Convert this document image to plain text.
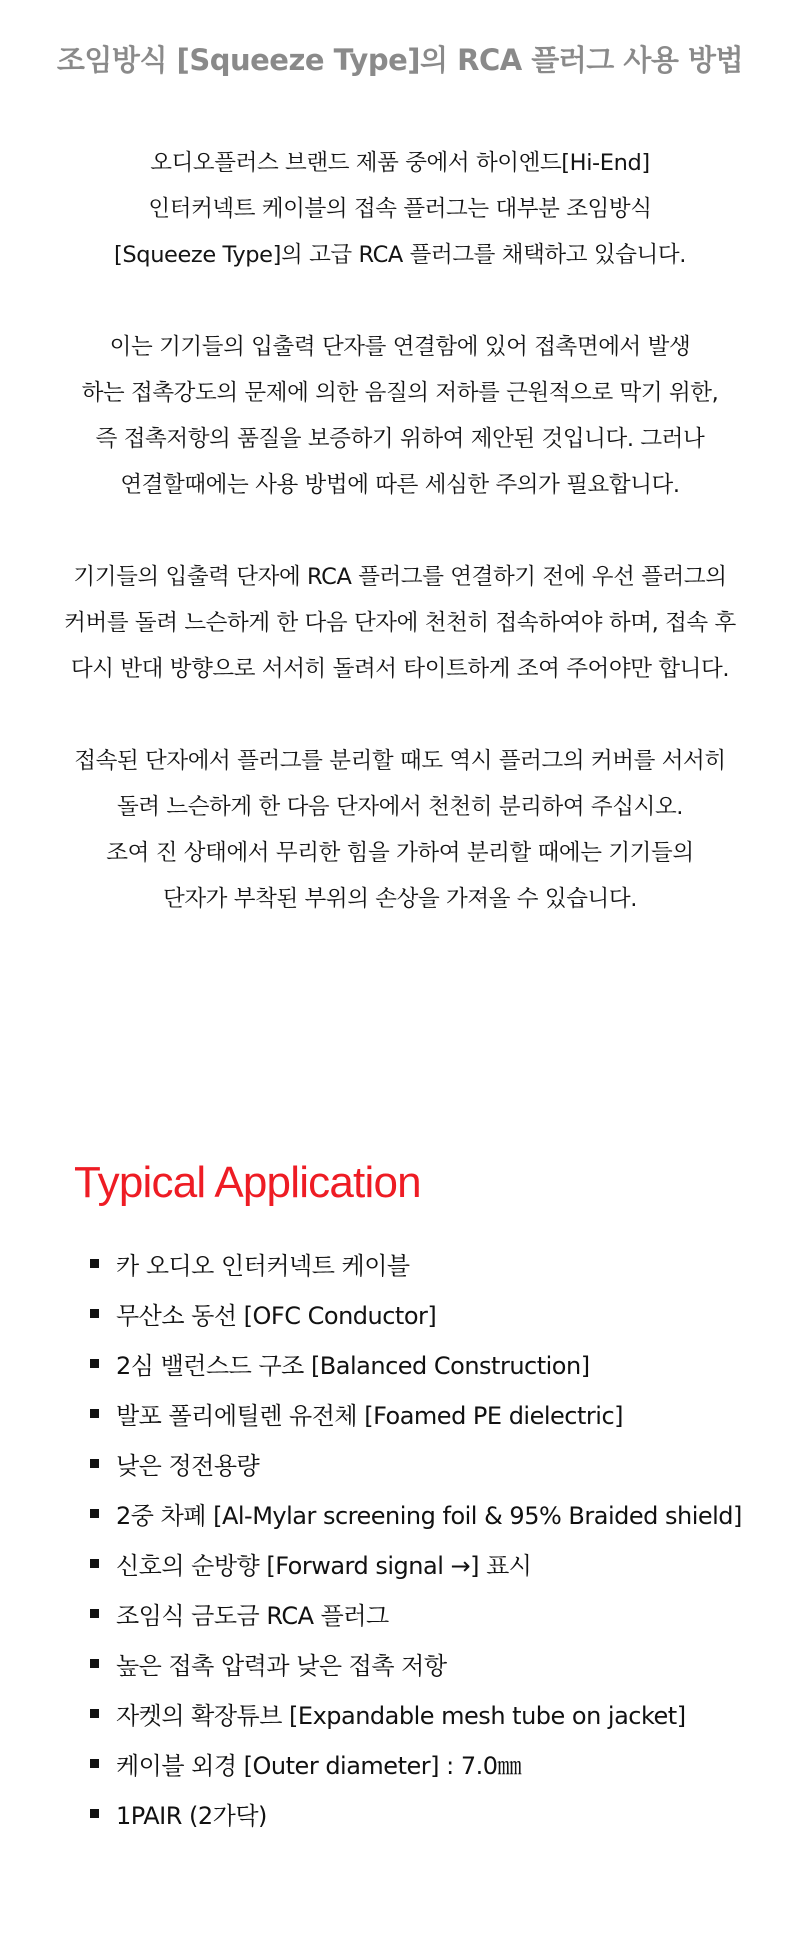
조임방식 [Squeeze Type]의 RCA 플러그 사용 방법
오디오플러스 브랜드 제품 중에서 하이엔드[Hi-End]
인터커넥트 케이블의 접속 플러그는 대부분 조임방식
[Squeeze Type]의 고급 RCA 플러그를 채택하고 있습니다.
이는 기기들의 입출력 단자를 연결함에 있어 접촉면에서 발생
하는 접촉강도의 문제에 의한 음질의 저하를 근원적으로 막기 위한,
즉 접촉저항의 품질을 보증하기 위하여 제안된 것입니다. 그러나
연결할때에는 사용 방법에 따른 세심한 주의가 필요합니다.
기기들의 입출력 단자에 RCA 플러그를 연결하기 전에 우선 플러그의
커버를 돌려 느슨하게 한 다음 단자에 천천히 접속하여야 하며, 접속 후
다시 반대 방향으로 서서히 돌려서 타이트하게 조여 주어야만 합니다.
접속된 단자에서 플러그를 분리할 때도 역시 플러그의 커버를 서서히
돌려 느슨하게 한 다음 단자에서 천천히 분리하여 주십시오.
조여 진 상태에서 무리한 힘을 가하여 분리할 때에는 기기들의
단자가 부착된 부위의 손상을 가져올 수 있습니다.
Typical Application
카 오디오 인터커넥트 케이블
무산소 동선 [OFC Conductor]
2심 밸런스드 구조 [Balanced Construction]
발포 폴리에틸렌 유전체 [Foamed PE dielectric]
낮은 정전용량
2중 차폐 [Al-Mylar screening foil & 95% Braided shield]
신호의 순방향 [Forward signal →] 표시
조임식 금도금 RCA 플러그
높은 접촉 압력과 낮은 접촉 저항
자켓의 확장튜브 [Expandable mesh tube on jacket]
케이블 외경 [Outer diameter] : 7.0㎜
1PAIR (2가닥)
